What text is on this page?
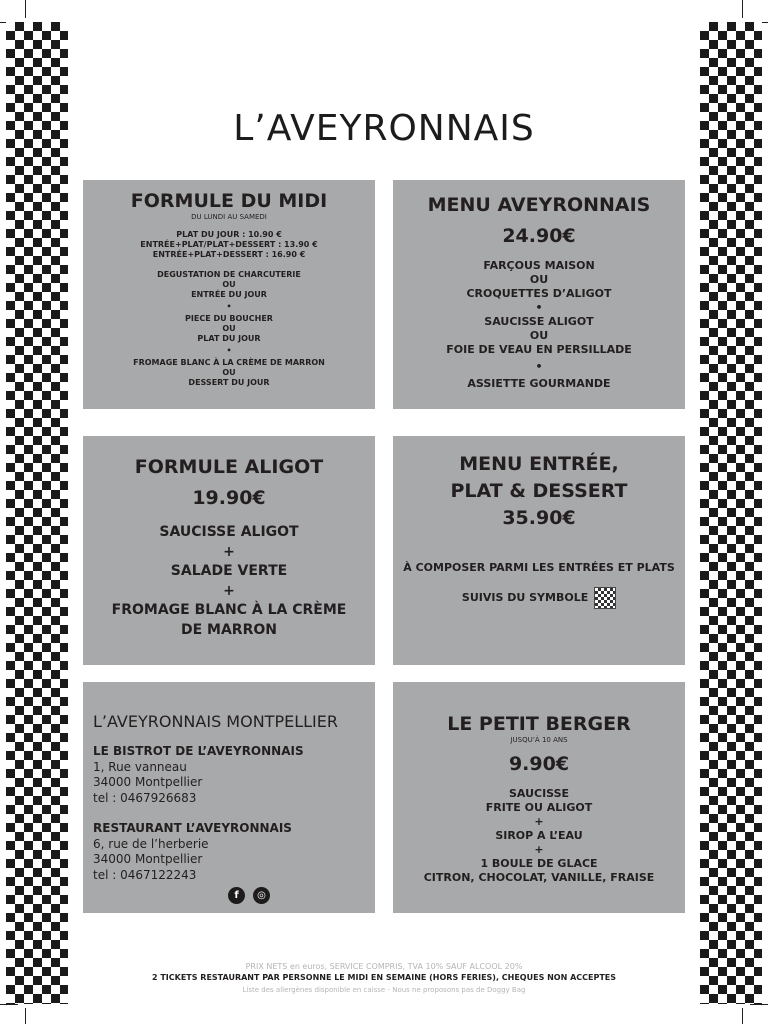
L’AVEYRONNAIS
FORMULE DU MIDI
DU LUNDI AU SAMEDI
PLAT DU JOUR : 10.90 €
ENTRÉE+PLAT/PLAT+DESSERT : 13.90 €
ENTRÉE+PLAT+DESSERT : 16.90 €
DEGUSTATION DE CHARCUTERIE
OU
ENTRÉE DU JOUR
•
PIECE DU BOUCHER
OU
PLAT DU JOUR
•
FROMAGE BLANC À LA CRÈME DE MARRON
OU
DESSERT DU JOUR
MENU AVEYRONNAIS
24.90€
FARÇOUS MAISON
OU
CROQUETTES D’ALIGOT
•
SAUCISSE ALIGOT
OU
FOIE DE VEAU EN PERSILLADE
•
ASSIETTE GOURMANDE
FORMULE ALIGOT
19.90€
SAUCISSE ALIGOT
+
SALADE VERTE
+
FROMAGE BLANC À LA CRÈME
DE MARRON
MENU ENTRÉE,
PLAT & DESSERT
35.90€
À COMPOSER PARMI LES ENTRÉES ET PLATS
SUIVIS DU SYMBOLE
L’AVEYRONNAIS MONTPELLIER
LE BISTROT DE L’AVEYRONNAIS
1, Rue vanneau
34000 Montpellier
tel : 0467926683
RESTAURANT L’AVEYRONNAIS
6, rue de l’herberie
34000 Montpellier
tel : 0467122243
f	◎
LE PETIT BERGER
JUSQU’À 10 ANS
9.90€
SAUCISSE
FRITE OU ALIGOT
+
SIROP A L’EAU
+
1 BOULE DE GLACE
CITRON, CHOCOLAT, VANILLE, FRAISE
PRIX NETS en euros, SERVICE COMPRIS, TVA 10% SAUF ALCOOL 20%
2 TICKETS RESTAURANT PAR PERSONNE LE MIDI EN SEMAINE (HORS FERIES), CHEQUES NON ACCEPTES
Liste des allergènes disponible en caisse - Nous ne proposons pas de Doggy Bag
